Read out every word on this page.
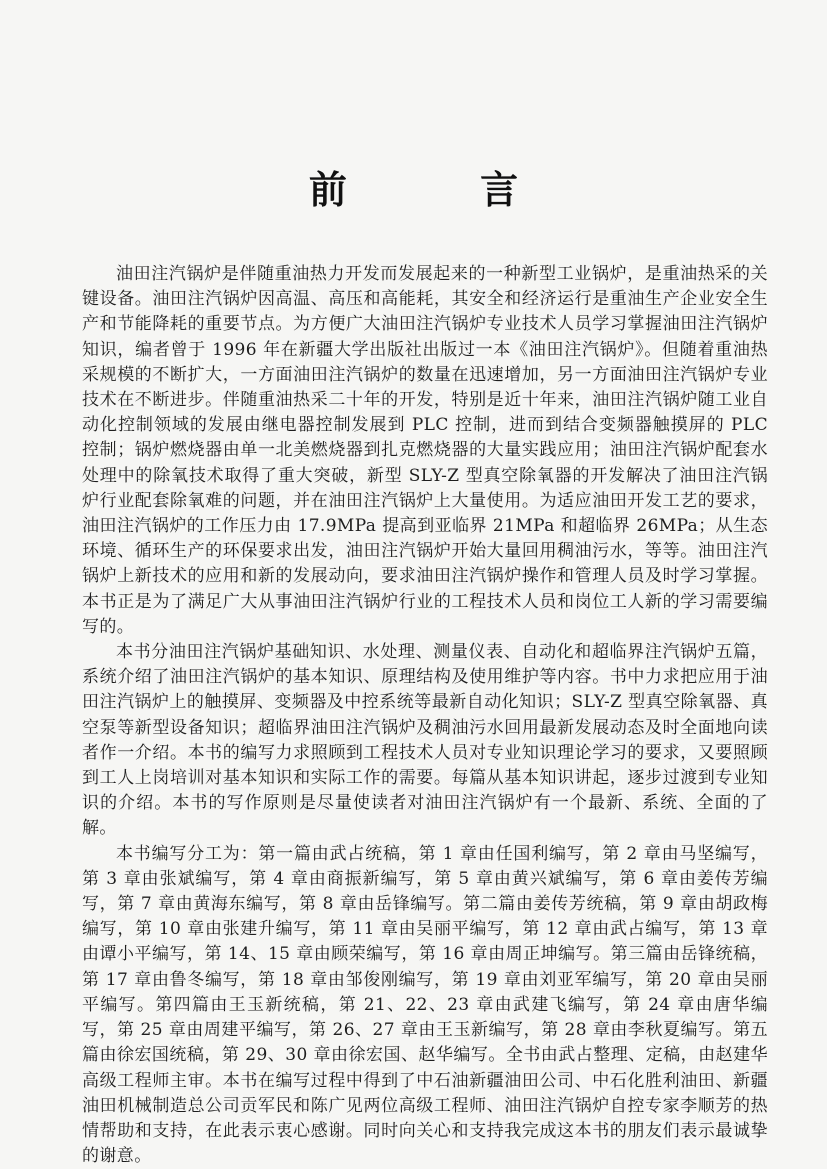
前 言

油田注汽锅炉是伴随重油热力开发而发展起来的一种新型工业锅炉，是重油热采的关键设备。油田注汽锅炉因高温、高压和高能耗，其安全和经济运行是重油生产企业安全生产和节能降耗的重要节点。为方便广大油田注汽锅炉专业技术人员学习掌握油田注汽锅炉知识，编者曾于 1996 年在新疆大学出版社出版过一本《油田注汽锅炉》。但随着重油热采规模的不断扩大，一方面油田注汽锅炉的数量在迅速增加，另一方面油田注汽锅炉专业技术在不断进步。伴随重油热采二十年的开发，特别是近十年来，油田注汽锅炉随工业自动化控制领域的发展由继电器控制发展到 PLC 控制，进而到结合变频器触摸屏的 PLC 控制；锅炉燃烧器由单一北美燃烧器到扎克燃烧器的大量实践应用；油田注汽锅炉配套水处理中的除氧技术取得了重大突破，新型 SLY-Z 型真空除氧器的开发解决了油田注汽锅炉行业配套除氧难的问题，并在油田注汽锅炉上大量使用。为适应油田开发工艺的要求，油田注汽锅炉的工作压力由 17.9MPa 提高到亚临界 21MPa 和超临界 26MPa；从生态环境、循环生产的环保要求出发，油田注汽锅炉开始大量回用稠油污水，等等。油田注汽锅炉上新技术的应用和新的发展动向，要求油田注汽锅炉操作和管理人员及时学习掌握。本书正是为了满足广大从事油田注汽锅炉行业的工程技术人员和岗位工人新的学习需要编写的。

本书分油田注汽锅炉基础知识、水处理、测量仪表、自动化和超临界注汽锅炉五篇，系统介绍了油田注汽锅炉的基本知识、原理结构及使用维护等内容。书中力求把应用于油田注汽锅炉上的触摸屏、变频器及中控系统等最新自动化知识；SLY-Z 型真空除氧器、真空泵等新型设备知识；超临界油田注汽锅炉及稠油污水回用最新发展动态及时全面地向读者作一介绍。本书的编写力求照顾到工程技术人员对专业知识理论学习的要求，又要照顾到工人上岗培训对基本知识和实际工作的需要。每篇从基本知识讲起，逐步过渡到专业知识的介绍。本书的写作原则是尽量使读者对油田注汽锅炉有一个最新、系统、全面的了解。

本书编写分工为：第一篇由武占统稿，第 1 章由任国利编写，第 2 章由马坚编写，第 3 章由张斌编写，第 4 章由商振新编写，第 5 章由黄兴斌编写，第 6 章由姜传芳编写，第 7 章由黄海东编写，第 8 章由岳锋编写。第二篇由姜传芳统稿，第 9 章由胡政梅编写，第 10 章由张建升编写，第 11 章由吴丽平编写，第 12 章由武占编写，第 13 章由谭小平编写，第 14、15 章由顾荣编写，第 16 章由周正坤编写。第三篇由岳锋统稿，第 17 章由鲁冬编写，第 18 章由邹俊刚编写，第 19 章由刘亚军编写，第 20 章由吴丽平编写。第四篇由王玉新统稿，第 21、22、23 章由武建飞编写，第 24 章由唐华编写，第 25 章由周建平编写，第 26、27 章由王玉新编写，第 28 章由李秋夏编写。第五篇由徐宏国统稿，第 29、30 章由徐宏国、赵华编写。全书由武占整理、定稿，由赵建华高级工程师主审。本书在编写过程中得到了中石油新疆油田公司、中石化胜利油田、新疆油田机械制造总公司贡军民和陈广见两位高级工程师、油田注汽锅炉自控专家李顺芳的热情帮助和支持，在此表示衷心感谢。同时向关心和支持我完成这本书的朋友们表示最诚挚的谢意。
